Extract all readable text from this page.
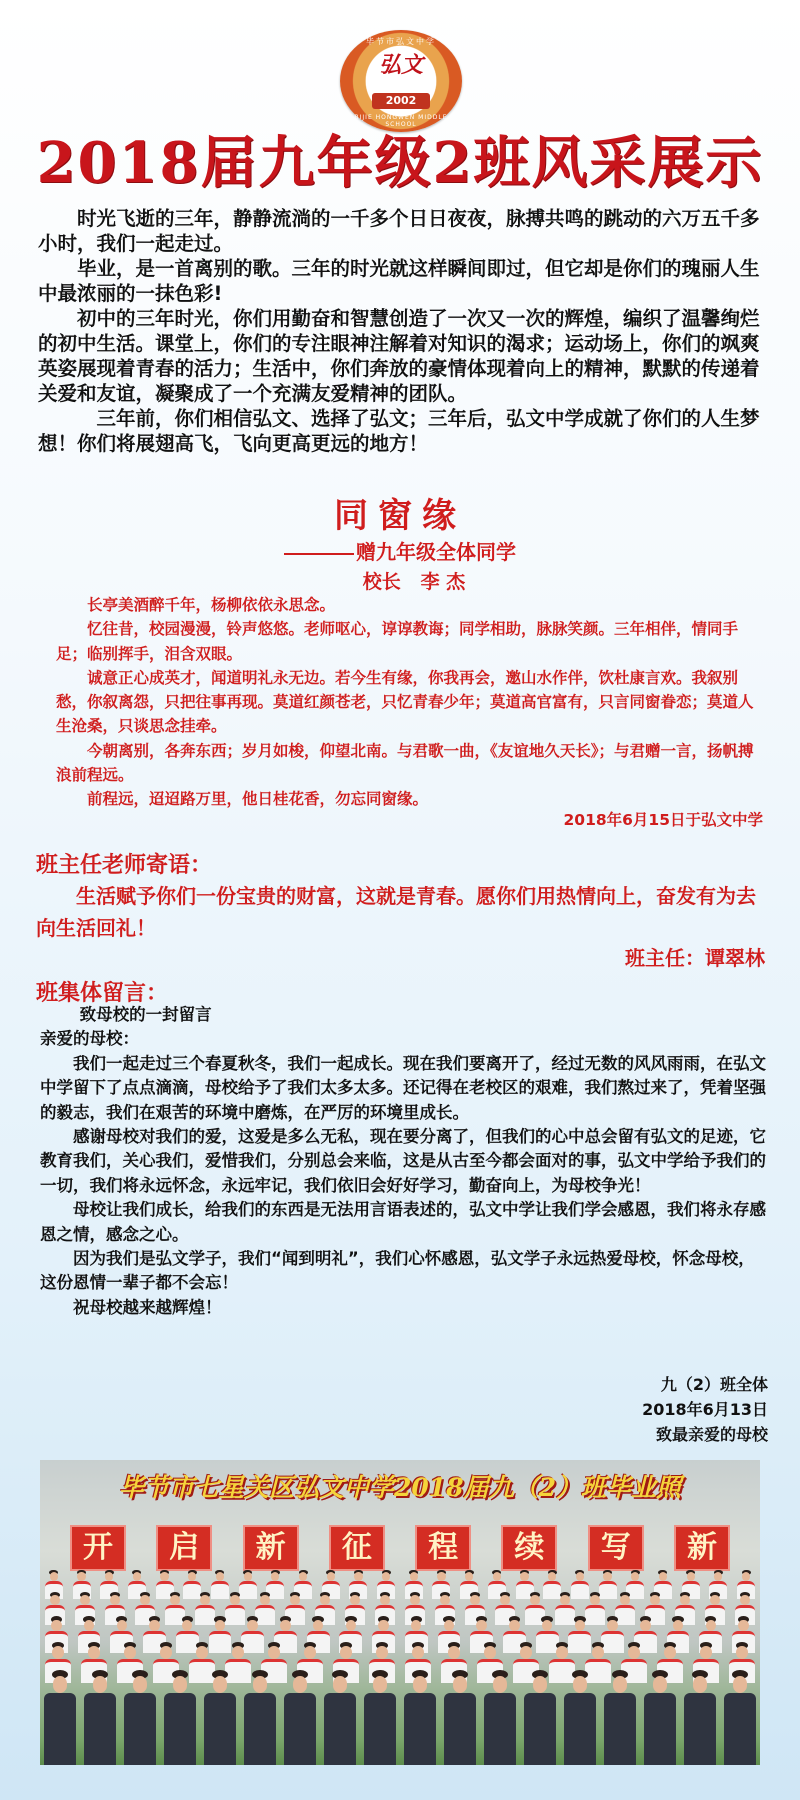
毕节市弘文中学
弘文
2002
BIJIE HONGWEN MIDDLE SCHOOL
2018届九年级2班风采展示

时光飞逝的三年，静静流淌的一千多个日日夜夜，脉搏共鸣的跳动的六万五千多小时，我们一起走过。

毕业，是一首离别的歌。三年的时光就这样瞬间即过，但它却是你们的瑰丽人生中最浓丽的一抹色彩!

初中的三年时光，你们用勤奋和智慧创造了一次又一次的辉煌，编织了温馨绚烂的初中生活。课堂上，你们的专注眼神注解着对知识的渴求；运动场上，你们的飒爽英姿展现着青春的活力；生活中，你们奔放的豪情体现着向上的精神，默默的传递着关爱和友谊，凝聚成了一个充满友爱精神的团队。

三年前，你们相信弘文、选择了弘文；三年后，弘文中学成就了你们的人生梦想！你们将展翅高飞，飞向更高更远的地方！

同窗缘
赠九年级全体同学
校长   李 杰

长亭美酒醉千年，杨柳依依永思念。

忆往昔，校园漫漫，铃声悠悠。老师呕心，谆谆教诲；同学相助，脉脉笑颜。三年相伴，情同手足；临别挥手，泪含双眼。

诚意正心成英才，闻道明礼永无边。若今生有缘，你我再会，邀山水作伴，饮杜康言欢。我叙别愁，你叙离怨，只把往事再现。莫道红颜苍老，只忆青春少年；莫道高官富有，只言同窗眷恋；莫道人生沧桑，只谈思念挂牵。

今朝离别，各奔东西；岁月如梭，仰望北南。与君歌一曲，《友谊地久天长》；与君赠一言，扬帆搏浪前程远。

前程远，迢迢路万里，他日桂花香，勿忘同窗缘。

2018年6月15日于弘文中学
班主任老师寄语：
生活赋予你们一份宝贵的财富，这就是青春。愿你们用热情向上，奋发有为去向生活回礼！
班主任：谭翠林
班集体留言：

致母校的一封留言

亲爱的母校：

我们一起走过三个春夏秋冬，我们一起成长。现在我们要离开了，经过无数的风风雨雨，在弘文中学留下了点点滴滴，母校给予了我们太多太多。还记得在老校区的艰难，我们熬过来了，凭着坚强的毅志，我们在艰苦的环境中磨炼，在严厉的环境里成长。

感谢母校对我们的爱，这爱是多么无私，现在要分离了，但我们的心中总会留有弘文的足迹，它教育我们，关心我们，爱惜我们，分别总会来临，这是从古至今都会面对的事，弘文中学给予我们的一切，我们将永远怀念，永远牢记，我们依旧会好好学习，勤奋向上，为母校争光！

母校让我们成长，给我们的东西是无法用言语表述的，弘文中学让我们学会感恩，我们将永存感恩之情，感念之心。

因为我们是弘文学子，我们“闻到明礼”，我们心怀感恩，弘文学子永远热爱母校，怀念母校，这份恩情一辈子都不会忘！

祝母校越来越辉煌！

九（2）班全体
2018年6月13日
致最亲爱的母校
毕节市七星关区弘文中学2018届九（2）班毕业照
开	启	新	征	程	续	写	新
